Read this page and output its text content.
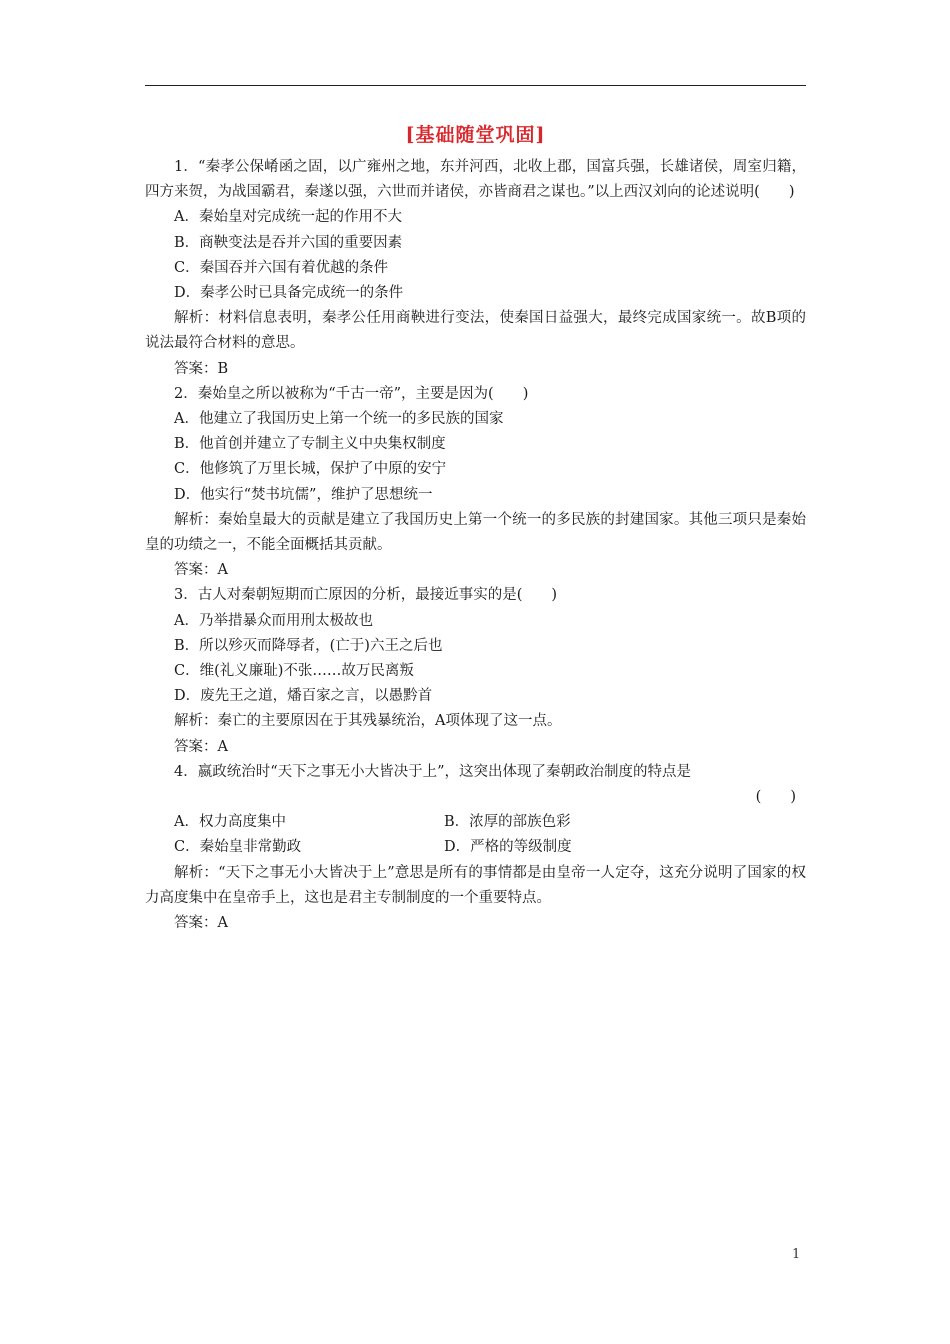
[基础随堂巩固]

1．“秦孝公保崤函之固，以广雍州之地，东并河西，北收上郡，国富兵强，长雄诸侯，周室归籍，四方来贺，为战国霸君，秦遂以强，六世而并诸侯，亦皆商君之谋也。”以上西汉刘向的论述说明(　　)

A．秦始皇对完成统一起的作用不大

B．商鞅变法是吞并六国的重要因素

C．秦国吞并六国有着优越的条件

D．秦孝公时已具备完成统一的条件

解析：材料信息表明，秦孝公任用商鞅进行变法，使秦国日益强大，最终完成国家统一。故B项的说法最符合材料的意思。

答案：B

2．秦始皇之所以被称为“千古一帝”，主要是因为(　　)

A．他建立了我国历史上第一个统一的多民族的国家

B．他首创并建立了专制主义中央集权制度

C．他修筑了万里长城，保护了中原的安宁

D．他实行“焚书坑儒”，维护了思想统一

解析：秦始皇最大的贡献是建立了我国历史上第一个统一的多民族的封建国家。其他三项只是秦始皇的功绩之一，不能全面概括其贡献。

答案：A

3．古人对秦朝短期而亡原因的分析，最接近事实的是(　　)

A．乃举措暴众而用刑太极故也

B．所以殄灭而降辱者，(亡于)六王之后也

C．维(礼义廉耻)不张……故万民离叛

D．废先王之道，燔百家之言，以愚黔首

解析：秦亡的主要原因在于其残暴统治，A项体现了这一点。

答案：A

4．嬴政统治时“天下之事无小大皆决于上”，这突出体现了秦朝政治制度的特点是

(　　)

A．权力高度集中	B．浓厚的部族色彩
C．秦始皇非常勤政	D．严格的等级制度

解析：“天下之事无小大皆决于上”意思是所有的事情都是由皇帝一人定夺，这充分说明了国家的权力高度集中在皇帝手上，这也是君主专制制度的一个重要特点。

答案：A

1
